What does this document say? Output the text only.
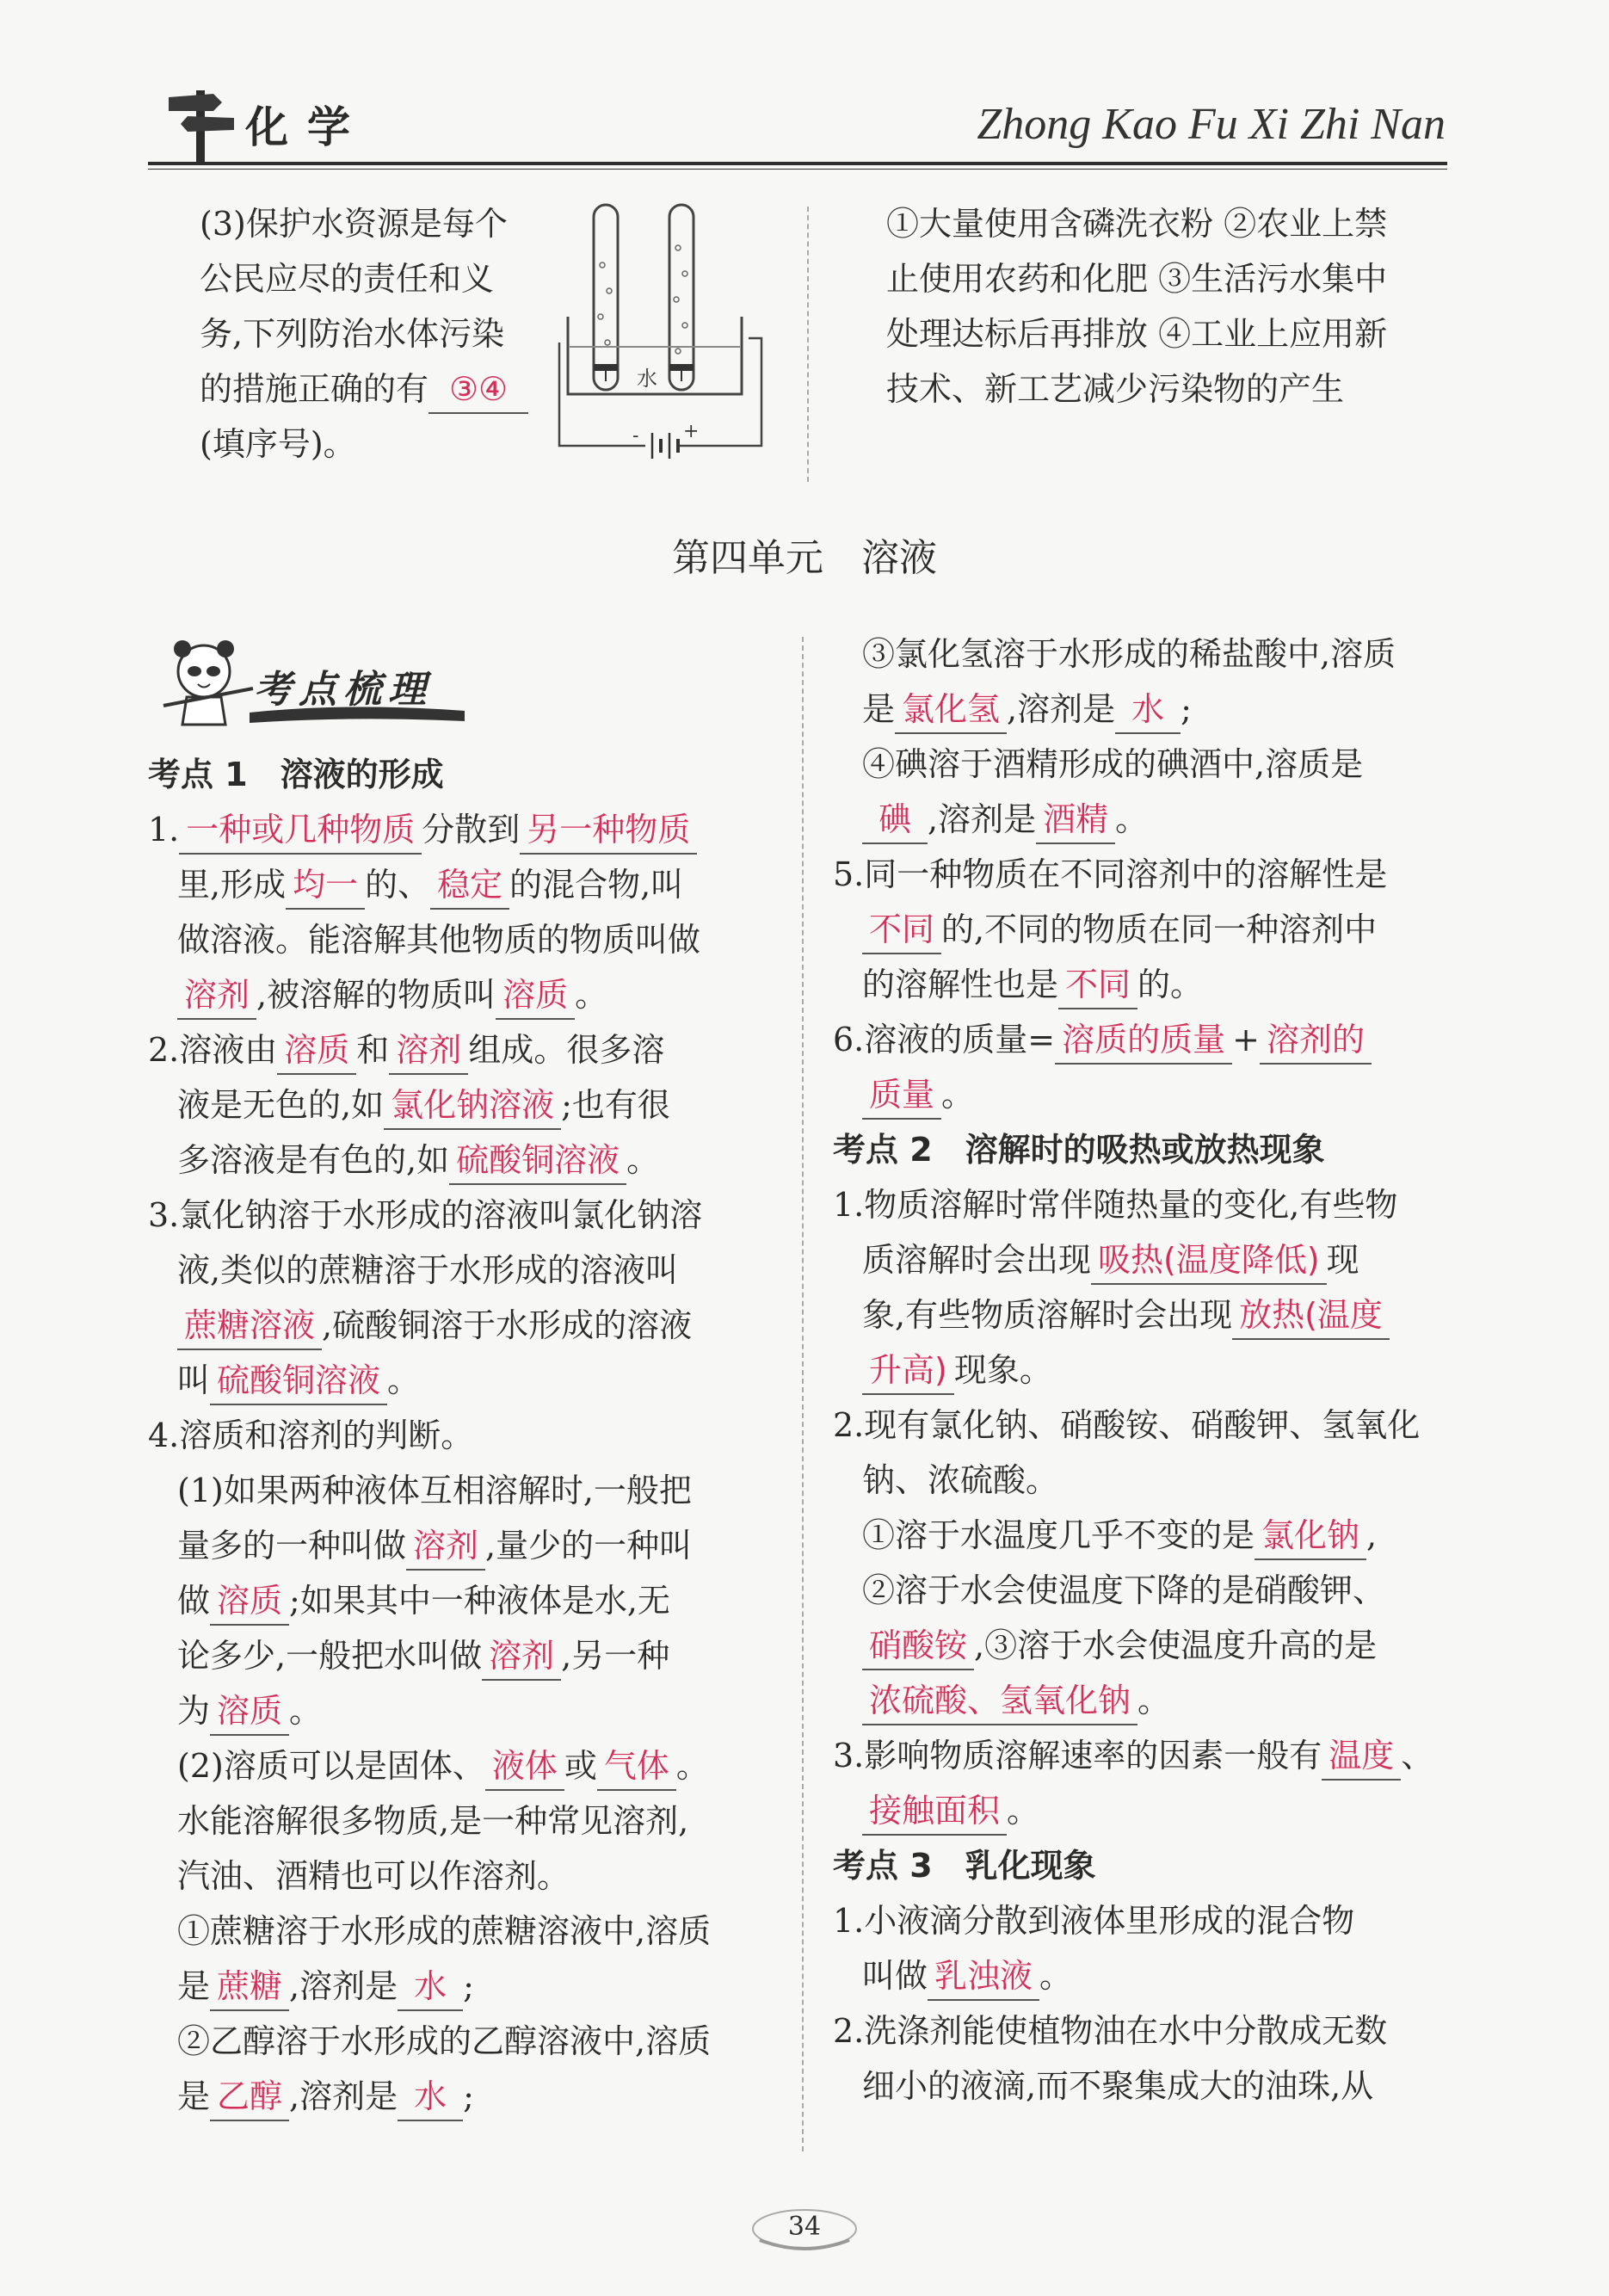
化学	Zhong Kao Fu Xi Zhi Nan
(3)保护水资源是每个
公民应尽的责任和义
务,下列防治水体污染
的措施正确的有 ③④
(填序号)。
水
- +
①大量使用含磷洗衣粉 ②农业上禁
止使用农药和化肥 ③生活污水集中
处理达标后再排放 ④工业上应用新
技术、新工艺减少污染物的产生
第四单元　溶液
考点梳理
考点 1　溶液的形成
1. 一种或几种物质 分散到 另一种物质
里,形成 均一 的、 稳定 的混合物,叫
做溶液。能溶解其他物质的物质叫做
溶剂 ,被溶解的物质叫 溶质 。
2.溶液由 溶质 和 溶剂 组成。很多溶
液是无色的,如 氯化钠溶液 ;也有很
多溶液是有色的,如 硫酸铜溶液 。
3.氯化钠溶于水形成的溶液叫氯化钠溶
液,类似的蔗糖溶于水形成的溶液叫
蔗糖溶液 ,硫酸铜溶于水形成的溶液
叫 硫酸铜溶液 。
4.溶质和溶剂的判断。
(1)如果两种液体互相溶解时,一般把
量多的一种叫做 溶剂 ,量少的一种叫
做 溶质 ;如果其中一种液体是水,无
论多少,一般把水叫做 溶剂 ,另一种
为 溶质 。
(2)溶质可以是固体、 液体 或 气体 。
水能溶解很多物质,是一种常见溶剂,
汽油、酒精也可以作溶剂。
①蔗糖溶于水形成的蔗糖溶液中,溶质
是 蔗糖 ,溶剂是 水 ;
②乙醇溶于水形成的乙醇溶液中,溶质
是 乙醇 ,溶剂是 水 ;
③氯化氢溶于水形成的稀盐酸中,溶质
是 氯化氢 ,溶剂是 水 ;
④碘溶于酒精形成的碘酒中,溶质是
碘 ,溶剂是 酒精 。
5.同一种物质在不同溶剂中的溶解性是
不同 的,不同的物质在同一种溶剂中
的溶解性也是 不同 的。
6.溶液的质量= 溶质的质量 + 溶剂的
质量 。
考点 2　溶解时的吸热或放热现象
1.物质溶解时常伴随热量的变化,有些物
质溶解时会出现 吸热(温度降低) 现
象,有些物质溶解时会出现 放热(温度
升高) 现象。
2.现有氯化钠、硝酸铵、硝酸钾、氢氧化
钠、浓硫酸。
①溶于水温度几乎不变的是 氯化钠 ,
②溶于水会使温度下降的是硝酸钾、
硝酸铵 ,③溶于水会使温度升高的是
浓硫酸、氢氧化钠 。
3.影响物质溶解速率的因素一般有 温度 、
接触面积 。
考点 3　乳化现象
1.小液滴分散到液体里形成的混合物
叫做 乳浊液 。
2.洗涤剂能使植物油在水中分散成无数
细小的液滴,而不聚集成大的油珠,从
34
